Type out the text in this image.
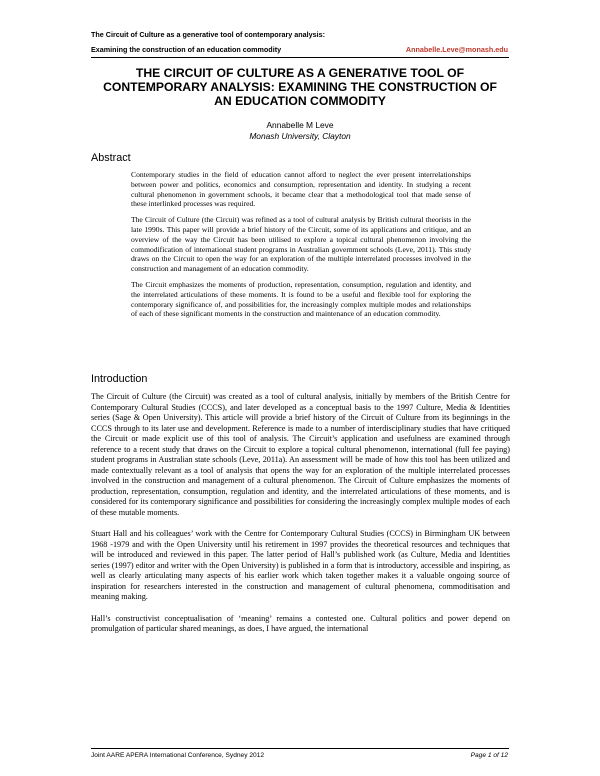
The Circuit of Culture as a generative tool of contemporary analysis:
Examining the construction of an education commodity	Annabelle.Leve@monash.edu
THE CIRCUIT OF CULTURE AS A GENERATIVE TOOL OF CONTEMPORARY ANALYSIS: EXAMINING THE CONSTRUCTION OF AN EDUCATION COMMODITY
Annabelle M Leve
Monash University, Clayton
Abstract

Contemporary studies in the field of education cannot afford to neglect the ever present interrelationships between power and politics, economics and consumption, representation and identity. In studying a recent cultural phenomenon in government schools, it became clear that a methodological tool that made sense of these interlinked processes was required.

The Circuit of Culture (the Circuit) was refined as a tool of cultural analysis by British cultural theorists in the late 1990s. This paper will provide a brief history of the Circuit, some of its applications and critique, and an overview of the way the Circuit has been utilised to explore a topical cultural phenomenon involving the commodification of international student programs in Australian government schools (Leve, 2011). This study draws on the Circuit to open the way for an exploration of the multiple interrelated processes involved in the construction and management of an education commodity.

The Circuit emphasizes the moments of production, representation, consumption, regulation and identity, and the interrelated articulations of these moments. It is found to be a useful and flexible tool for exploring the contemporary significance of, and possibilities for, the increasingly complex multiple modes and relationships of each of these significant moments in the construction and maintenance of an education commodity.

Introduction

The Circuit of Culture (the Circuit) was created as a tool of cultural analysis, initially by members of the British Centre for Contemporary Cultural Studies (CCCS), and later developed as a conceptual basis to the 1997 Culture, Media & Identities series (Sage & Open University). This article will provide a brief history of the Circuit of Culture from its beginnings in the CCCS through to its later use and development. Reference is made to a number of interdisciplinary studies that have critiqued the Circuit or made explicit use of this tool of analysis. The Circuit’s application and usefulness are examined through reference to a recent study that draws on the Circuit to explore a topical cultural phenomenon, international (full fee paying) student programs in Australian state schools (Leve, 2011a). An assessment will be made of how this tool has been utilized and made contextually relevant as a tool of analysis that opens the way for an exploration of the multiple interrelated processes involved in the construction and management of a cultural phenomenon. The Circuit of Culture emphasizes the moments of production, representation, consumption, regulation and identity, and the interrelated articulations of these moments, and is considered for its contemporary significance and possibilities for considering the increasingly complex multiple modes of each of these mutable moments.

Stuart Hall and his colleagues’ work with the Centre for Contemporary Cultural Studies (CCCS) in Birmingham UK between 1968 -1979 and with the Open University until his retirement in 1997 provides the theoretical resources and techniques that will be introduced and reviewed in this paper. The latter period of Hall’s published work (as Culture, Media and Identities series (1997) editor and writer with the Open University) is published in a form that is introductory, accessible and inspiring, as well as clearly articulating many aspects of his earlier work which taken together makes it a valuable ongoing source of inspiration for researchers interested in the construction and management of cultural phenomena, commoditisation and meaning making.

Hall’s constructivist conceptualisation of ‘meaning’ remains a contested one. Cultural politics and power depend on promulgation of particular shared meanings, as does, I have argued, the international

Joint AARE APERA International Conference, Sydney 2012	Page 1 of 12
